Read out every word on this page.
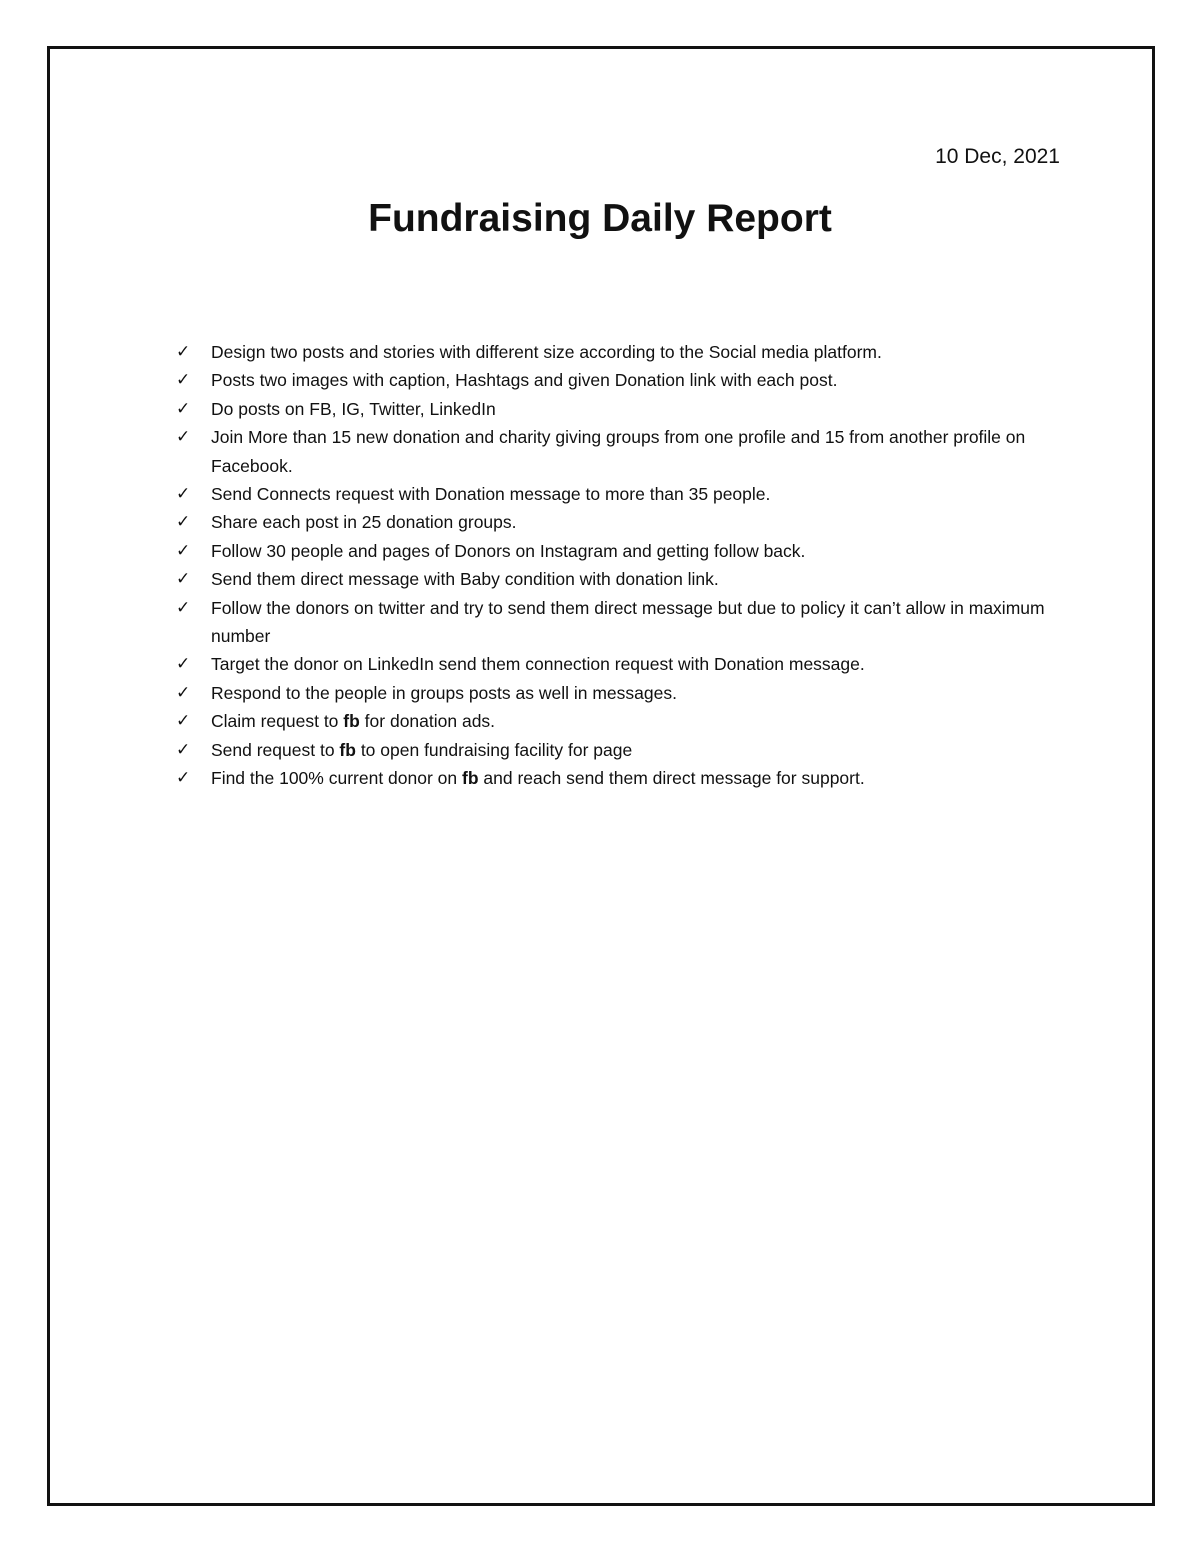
10 Dec, 2021
Fundraising Daily Report
✓	Design two posts and stories with different size according to the Social media platform.
✓	Posts two images with caption, Hashtags and given Donation link with each post.
✓	Do posts on FB, IG, Twitter, LinkedIn
✓	Join More than 15 new donation and charity giving groups from one profile and 15 from another profile on Facebook.
✓	Send Connects request with Donation message to more than 35 people.
✓	Share each post in 25 donation groups.
✓	Follow 30 people and pages of Donors on Instagram and getting follow back.
✓	Send them direct message with Baby condition with donation link.
✓	Follow the donors on twitter and try to send them direct message but due to policy it can’t allow in maximum number
✓	Target the donor on LinkedIn send them connection request with Donation message.
✓	Respond to the people in groups posts as well in messages.
✓	Claim request to fb for donation ads.
✓	Send request to fb to open fundraising facility for page
✓	Find the 100% current donor on fb and reach send them direct message for support.
